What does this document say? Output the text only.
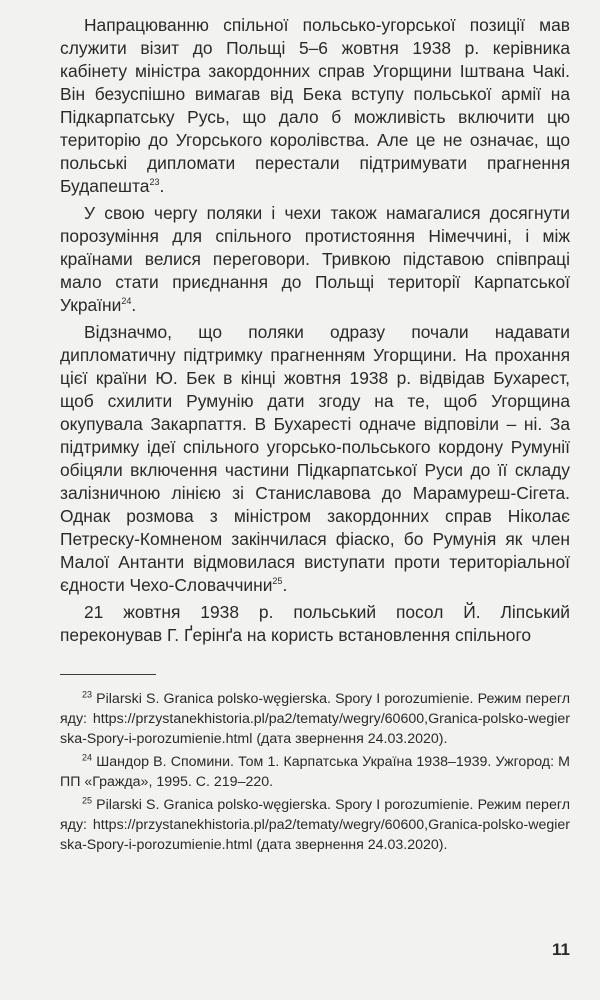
Напрацюванню спільної польсько-угорської позиції мав служити візит до Польщі 5–6 жовтня 1938 р. керівника кабінету міністра закордонних справ Угорщини Іштвана Чакі. Він безуспішно вимагав від Бека вступу польської армії на Підкарпатську Русь, що дало б можливість включити цю територію до Угорського королівства. Але це не означає, що польські дипломати перестали підтримувати прагнення Будапешта$^{23}$.

У свою чергу поляки і чехи також намагалися досягнути порозуміння для спільного протистояння Німеччині, і між країнами велися переговори. Тривкою підставою співпраці мало стати приєднання до Польщі території Карпатської України$^{24}$.

Відзначмо, що поляки одразу почали надавати дипломатичну підтримку прагненням Угорщини. На прохання цієї країни Ю. Бек в кінці жовтня 1938 р. відвідав Бухарест, щоб схилити Румунію дати згоду на те, щоб Угорщина окупувала Закарпаття. В Бухаресті одначе відповіли – ні. За підтримку ідеї спільного угорсько-польського кордону Румунії обіцяли включення частини Підкарпатської Руси до її складу залізничною лінією зі Станиславова до Марамуреш-Сігета. Однак розмова з міністром закордонних справ Ніколає Петреску-Комненом закінчилася фіаско, бо Румунія як член Малої Антанти відмовилася виступати проти територіальної єдности Чехо-Словаччини$^{25}$.

21 жовтня 1938 р. польський посол Й. Ліпський переконував Г. Ґерінґа на користь встановлення спільного

$^{23}$ Pilarski S. Granica polsko-węgierska. Spory I porozumienie. Режим перегляду: https://przystanekhistoria.pl/pa2/tematy/wegry/60600,Granica-polsko-wegierska-Spory-i-porozumienie.html (дата звернення 24.03.2020).

$^{24}$ Шандор В. Спомини. Том 1. Карпатська Україна 1938–1939. Ужгород: МПП «Гражда», 1995. С. 219–220.

$^{25}$ Pilarski S. Granica polsko-węgierska. Spory I porozumienie. Режим перегляду: https://przystanekhistoria.pl/pa2/tematy/wegry/60600,Granica-polsko-wegierska-Spory-i-porozumienie.html (дата звернення 24.03.2020).

11
